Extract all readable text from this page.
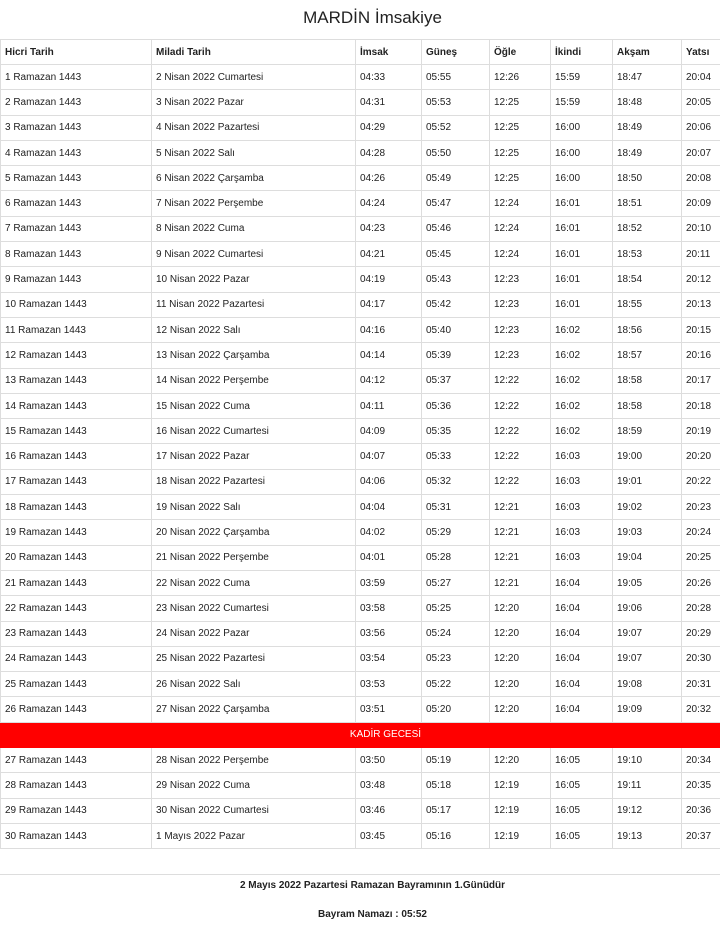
MARDİN İmsakiye
Hicri Tarih	Miladi Tarih	İmsak	Güneş	Öğle	İkindi	Akşam	Yatsı
1 Ramazan 1443	2 Nisan 2022 Cumartesi	04:33	05:55	12:26	15:59	18:47	20:04
2 Ramazan 1443	3 Nisan 2022 Pazar	04:31	05:53	12:25	15:59	18:48	20:05
3 Ramazan 1443	4 Nisan 2022 Pazartesi	04:29	05:52	12:25	16:00	18:49	20:06
4 Ramazan 1443	5 Nisan 2022 Salı	04:28	05:50	12:25	16:00	18:49	20:07
5 Ramazan 1443	6 Nisan 2022 Çarşamba	04:26	05:49	12:25	16:00	18:50	20:08
6 Ramazan 1443	7 Nisan 2022 Perşembe	04:24	05:47	12:24	16:01	18:51	20:09
7 Ramazan 1443	8 Nisan 2022 Cuma	04:23	05:46	12:24	16:01	18:52	20:10
8 Ramazan 1443	9 Nisan 2022 Cumartesi	04:21	05:45	12:24	16:01	18:53	20:11
9 Ramazan 1443	10 Nisan 2022 Pazar	04:19	05:43	12:23	16:01	18:54	20:12
10 Ramazan 1443	11 Nisan 2022 Pazartesi	04:17	05:42	12:23	16:01	18:55	20:13
11 Ramazan 1443	12 Nisan 2022 Salı	04:16	05:40	12:23	16:02	18:56	20:15
12 Ramazan 1443	13 Nisan 2022 Çarşamba	04:14	05:39	12:23	16:02	18:57	20:16
13 Ramazan 1443	14 Nisan 2022 Perşembe	04:12	05:37	12:22	16:02	18:58	20:17
14 Ramazan 1443	15 Nisan 2022 Cuma	04:11	05:36	12:22	16:02	18:58	20:18
15 Ramazan 1443	16 Nisan 2022 Cumartesi	04:09	05:35	12:22	16:02	18:59	20:19
16 Ramazan 1443	17 Nisan 2022 Pazar	04:07	05:33	12:22	16:03	19:00	20:20
17 Ramazan 1443	18 Nisan 2022 Pazartesi	04:06	05:32	12:22	16:03	19:01	20:22
18 Ramazan 1443	19 Nisan 2022 Salı	04:04	05:31	12:21	16:03	19:02	20:23
19 Ramazan 1443	20 Nisan 2022 Çarşamba	04:02	05:29	12:21	16:03	19:03	20:24
20 Ramazan 1443	21 Nisan 2022 Perşembe	04:01	05:28	12:21	16:03	19:04	20:25
21 Ramazan 1443	22 Nisan 2022 Cuma	03:59	05:27	12:21	16:04	19:05	20:26
22 Ramazan 1443	23 Nisan 2022 Cumartesi	03:58	05:25	12:20	16:04	19:06	20:28
23 Ramazan 1443	24 Nisan 2022 Pazar	03:56	05:24	12:20	16:04	19:07	20:29
24 Ramazan 1443	25 Nisan 2022 Pazartesi	03:54	05:23	12:20	16:04	19:07	20:30
25 Ramazan 1443	26 Nisan 2022 Salı	03:53	05:22	12:20	16:04	19:08	20:31
26 Ramazan 1443	27 Nisan 2022 Çarşamba	03:51	05:20	12:20	16:04	19:09	20:32
KADİR GECESİ							
27 Ramazan 1443	28 Nisan 2022 Perşembe	03:50	05:19	12:20	16:05	19:10	20:34
28 Ramazan 1443	29 Nisan 2022 Cuma	03:48	05:18	12:19	16:05	19:11	20:35
29 Ramazan 1443	30 Nisan 2022 Cumartesi	03:46	05:17	12:19	16:05	19:12	20:36
30 Ramazan 1443	1 Mayıs 2022 Pazar	03:45	05:16	12:19	16:05	19:13	20:37
2 Mayıs 2022 Pazartesi Ramazan Bayramının 1.Günüdür
Bayram Namazı : 05:52
